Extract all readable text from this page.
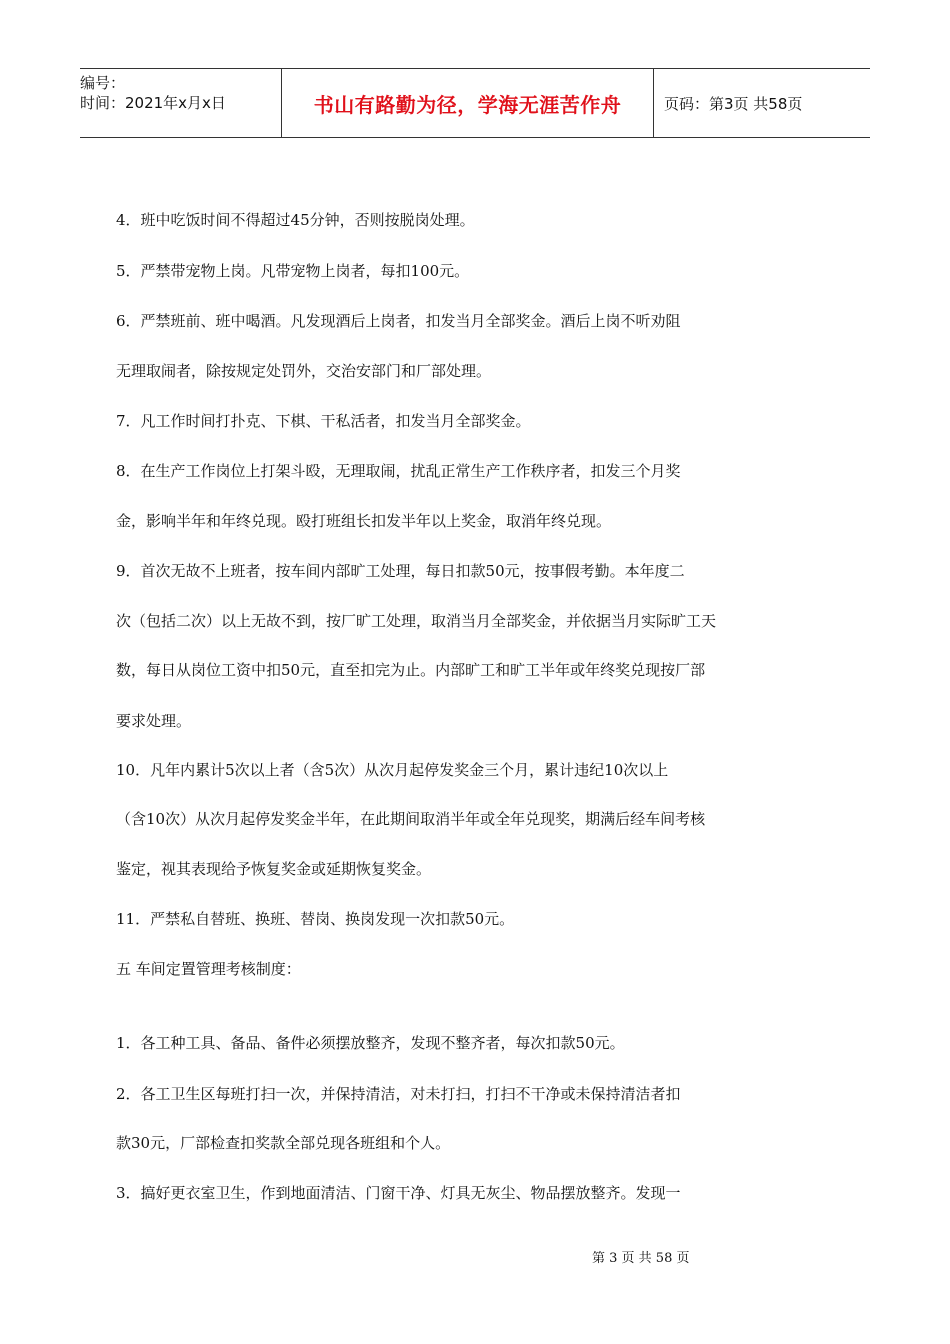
编号：
时间：2021年x月x日	书山有路勤为径，学海无涯苦作舟	页码：第3页 共58页
4．班中吃饭时间不得超过45分钟，否则按脱岗处理。
5．严禁带宠物上岗。凡带宠物上岗者，每扣100元。
6．严禁班前、班中喝酒。凡发现酒后上岗者，扣发当月全部奖金。酒后上岗不听劝阻
无理取闹者，除按规定处罚外，交治安部门和厂部处理。
7．凡工作时间打扑克、下棋、干私活者，扣发当月全部奖金。
8．在生产工作岗位上打架斗殴，无理取闹，扰乱正常生产工作秩序者，扣发三个月奖
金，影响半年和年终兑现。殴打班组长扣发半年以上奖金，取消年终兑现。
9．首次无故不上班者，按车间内部旷工处理，每日扣款50元，按事假考勤。本年度二
次（包括二次）以上无故不到，按厂旷工处理，取消当月全部奖金，并依据当月实际旷工天
数，每日从岗位工资中扣50元，直至扣完为止。内部旷工和旷工半年或年终奖兑现按厂部
要求处理。
10．凡年内累计5次以上者（含5次）从次月起停发奖金三个月，累计违纪10次以上
（含10次）从次月起停发奖金半年，在此期间取消半年或全年兑现奖，期满后经车间考核
鉴定，视其表现给予恢复奖金或延期恢复奖金。
11．严禁私自替班、换班、替岗、换岗发现一次扣款50元。
五 车间定置管理考核制度：
1．各工种工具、备品、备件必须摆放整齐，发现不整齐者，每次扣款50元。
2．各工卫生区每班打扫一次，并保持清洁，对未打扫，打扫不干净或未保持清洁者扣
款30元，厂部检查扣奖款全部兑现各班组和个人。
3．搞好更衣室卫生，作到地面清洁、门窗干净、灯具无灰尘、物品摆放整齐。发现一
第 3 页 共 58 页
